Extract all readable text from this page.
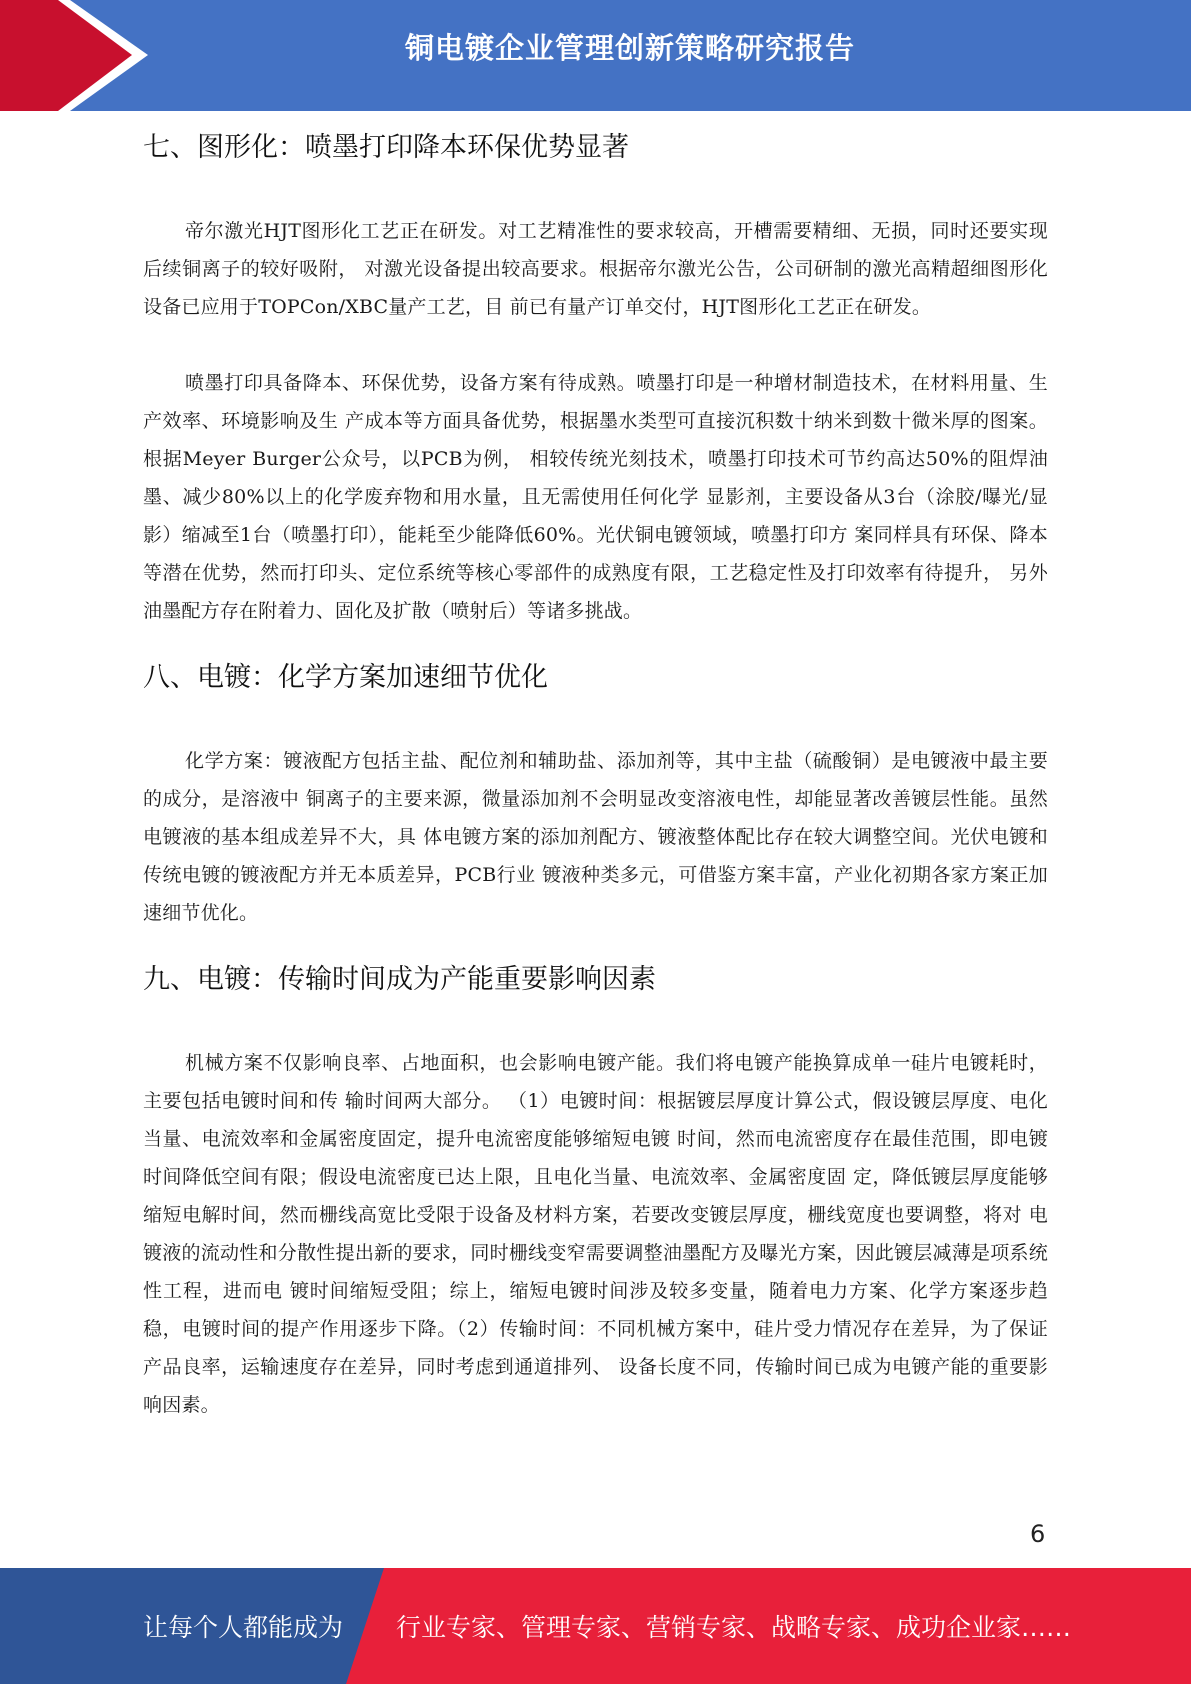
铜电镀企业管理创新策略研究报告
七、图形化：喷墨打印降本环保优势显著

帝尔激光HJT图形化工艺正在研发。对工艺精准性的要求较高，开槽需要精细、无损，同时还要实现后续铜离子的较好吸附， 对激光设备提出较高要求。根据帝尔激光公告，公司研制的激光高精超细图形化设备已应用于TOPCon/XBC量产工艺，目 前已有量产订单交付，HJT图形化工艺正在研发。

喷墨打印具备降本、环保优势，设备方案有待成熟。喷墨打印是一种增材制造技术，在材料用量、生产效率、环境影响及生 产成本等方面具备优势，根据墨水类型可直接沉积数十纳米到数十微米厚的图案。根据Meyer Burger公众号，以PCB为例， 相较传统光刻技术，喷墨打印技术可节约高达50%的阻焊油墨、减少80%以上的化学废弃物和用水量，且无需使用任何化学 显影剂，主要设备从3台（涂胶/曝光/显影）缩减至1台（喷墨打印），能耗至少能降低60%。光伏铜电镀领域，喷墨打印方 案同样具有环保、降本等潜在优势，然而打印头、定位系统等核心零部件的成熟度有限，工艺稳定性及打印效率有待提升， 另外油墨配方存在附着力、固化及扩散（喷射后）等诸多挑战。

八、电镀：化学方案加速细节优化

化学方案：镀液配方包括主盐、配位剂和辅助盐、添加剂等，其中主盐（硫酸铜）是电镀液中最主要的成分，是溶液中 铜离子的主要来源，微量添加剂不会明显改变溶液电性，却能显著改善镀层性能。虽然电镀液的基本组成差异不大，具 体电镀方案的添加剂配方、镀液整体配比存在较大调整空间。光伏电镀和传统电镀的镀液配方并无本质差异，PCB行业 镀液种类多元，可借鉴方案丰富，产业化初期各家方案正加速细节优化。

九、电镀：传输时间成为产能重要影响因素

机械方案不仅影响良率、占地面积，也会影响电镀产能。我们将电镀产能换算成单一硅片电镀耗时，主要包括电镀时间和传 输时间两大部分。 （1）电镀时间：根据镀层厚度计算公式，假设镀层厚度、电化当量、电流效率和金属密度固定，提升电流密度能够缩短电镀 时间，然而电流密度存在最佳范围，即电镀时间降低空间有限；假设电流密度已达上限，且电化当量、电流效率、金属密度固 定，降低镀层厚度能够缩短电解时间，然而栅线高宽比受限于设备及材料方案，若要改变镀层厚度，栅线宽度也要调整，将对 电镀液的流动性和分散性提出新的要求，同时栅线变窄需要调整油墨配方及曝光方案，因此镀层减薄是项系统性工程，进而电 镀时间缩短受阻；综上，缩短电镀时间涉及较多变量，随着电力方案、化学方案逐步趋稳，电镀时间的提产作用逐步下降。（2）传输时间：不同机械方案中，硅片受力情况存在差异，为了保证产品良率，运输速度存在差异，同时考虑到通道排列、 设备长度不同，传输时间已成为电镀产能的重要影响因素。

6
让每个人都能成为 行业专家、管理专家、营销专家、战略专家、成功企业家……
